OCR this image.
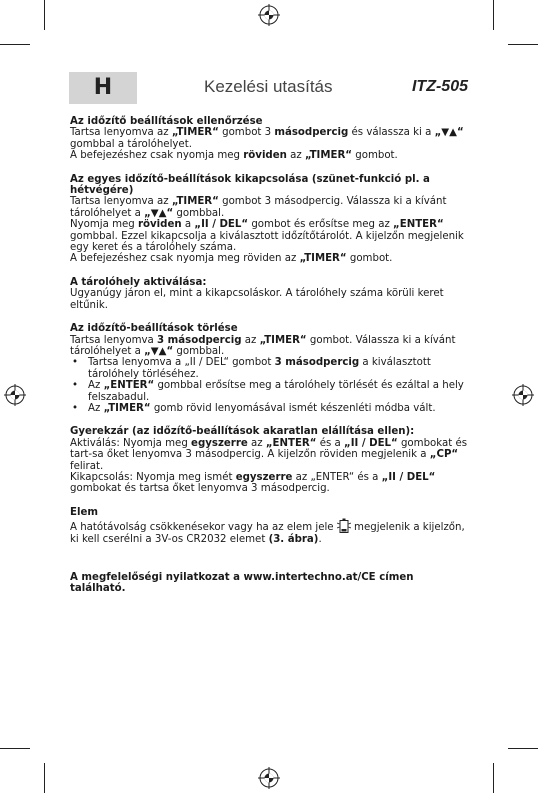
H	Kezelési utasítás	ITZ-505
Az időzítő beállítások ellenőrzése

Tartsa lenyomva az „TIMER“ gombot 3 másodpercig és válassza ki a „▼▲“ gombbal a tárolóhelyet.

A befejezéshez csak nyomja meg röviden az „TIMER“ gombot.

Az egyes időzítő-beállítások kikapcsolása (szünet-funkció pl. a hétvégére)

Tartsa lenyomva az „TIMER“ gombot 3 másodpercig. Válassza ki a kívánt tárolóhelyet a „▼▲“ gombbal.

Nyomja meg röviden a „II / DEL“ gombot és erősítse meg az „ENTER“ gombbal. Ezzel kikapcsolja a kiválasztott időzítőtárolót. A kijelzőn megjelenik egy keret és a tárolóhely száma.

A befejezéshez csak nyomja meg röviden az „TIMER“ gombot.

A tárolóhely aktiválása:

Ugyanúgy járon el, mint a kikapcsoláskor. A tárolóhely száma körüli keret eltűnik.

Az időzítő-beállítások törlése

Tartsa lenyomva 3 másodpercig az „TIMER“ gombot. Válassza ki a kívánt tárolóhelyet a „▼▲“ gombbal.

• Tartsa lenyomva a „II / DEL“ gombot 3 másodpercig a kiválasztott tárolóhely törléséhez.
• Az „ENTER“ gombbal erősítse meg a tárolóhely törlését és ezáltal a hely felszabadul.
• Az „TIMER“ gomb rövid lenyomásával ismét készenléti módba vált.
Gyerekzár (az időzítő-beállítások akaratlan elállítása ellen):

Aktiválás: Nyomja meg egyszerre az „ENTER“ és a „II / DEL“ gombokat és tart-sa őket lenyomva 3 másodpercig. A kijelzőn röviden megjelenik a „CP“ felirat.

Kikapcsolás: Nyomja meg ismét egyszerre az „ENTER“ és a „II / DEL“ gombokat és tartsa őket lenyomva 3 másodpercig.

Elem

A hatótávolság csökkenésekor vagy ha az elem jele  megjelenik a kijelzőn, ki kell cserélni a 3V-os CR2032 elemet (3. ábra).

A megfelelőségi nyilatkozat a www.intertechno.at/CE címen található.
